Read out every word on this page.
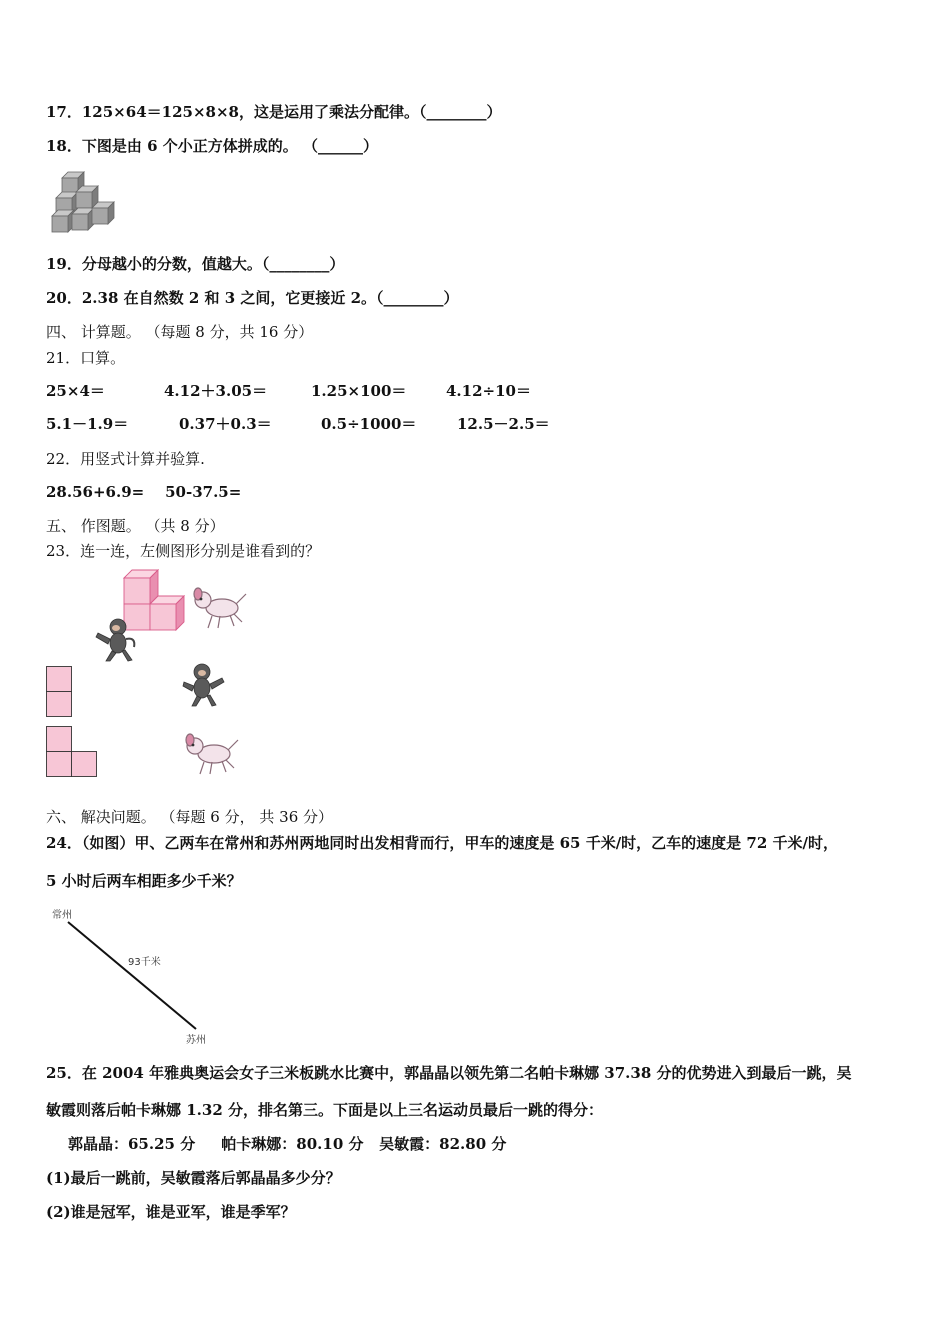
17．125×64＝125×8×8，这是运用了乘法分配律。（________）
18．下图是由 6 个小正方体拼成的。 （______）
19．分母越小的分数，值越大。（________）
20．2.38 在自然数 2 和 3 之间，它更接近 2。（________）
四、 计算题。 （每题 8 分，共 16 分）
21．口算。
25×4＝	4.12＋3.05＝	1.25×100＝	4.12÷10＝
5.1－1.9＝	0.37＋0.3＝	0.5÷1000＝	12.5－2.5＝
22．用竖式计算并验算.
28.56+6.9=    50-37.5=
五、 作图题。 （共 8 分）
23．连一连，左侧图形分别是谁看到的？
六、 解决问题。 （每题 6 分， 共 36 分）
24．（如图）甲、乙两车在常州和苏州两地同时出发相背而行，甲车的速度是 65 千米/时，乙车的速度是 72 千米/时，
5 小时后两车相距多少千米？
常州
93千米
苏州
25．在 2004 年雅典奥运会女子三米板跳水比赛中，郭晶晶以领先第二名帕卡琳娜 37.38 分的优势进入到最后一跳，吴
敏霞则落后帕卡琳娜 1.32 分，排名第三。下面是以上三名运动员最后一跳的得分：
郭晶晶：65.25 分     帕卡琳娜：80.10 分   吴敏霞：82.80 分
(1)最后一跳前，吴敏霞落后郭晶晶多少分？
(2)谁是冠军，谁是亚军，谁是季军？
